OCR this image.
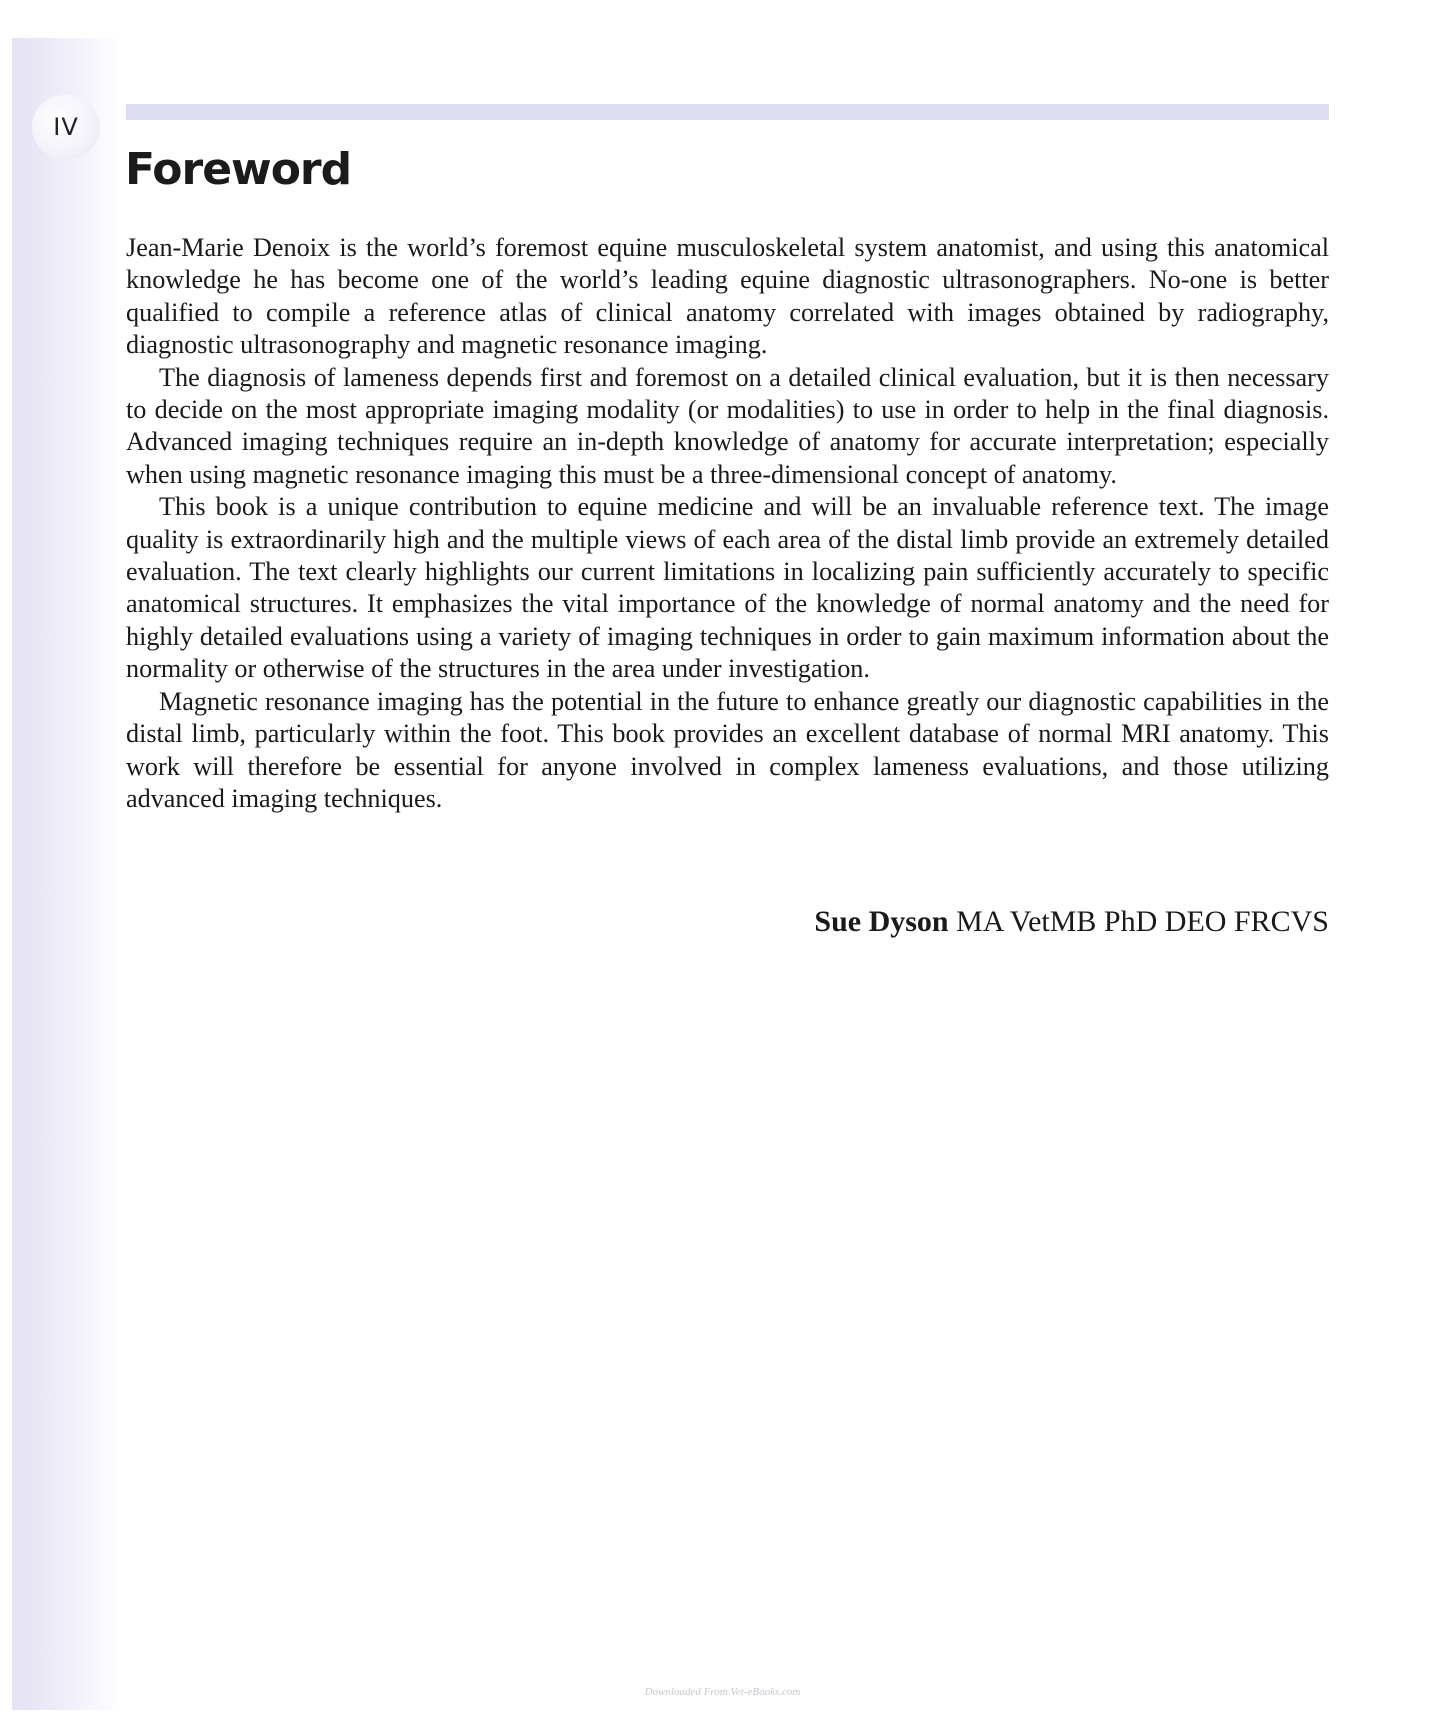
IV
Foreword

Jean-Marie Denoix is the world’s foremost equine musculoskeletal system anatomist, and using this anatomical knowledge he has become one of the world’s leading equine diagnostic ultrasonographers. No-one is better qualified to compile a reference atlas of clinical anatomy correlated with images obtained by radiography, diagnostic ultrasonography and magnetic resonance imaging.

The diagnosis of lameness depends first and foremost on a detailed clinical evaluation, but it is then necessary to decide on the most appropriate imaging modality (or modalities) to use in order to help in the final diagnosis. Advanced imaging techniques require an in-depth knowledge of anatomy for accurate interpretation; especially when using magnetic resonance imaging this must be a three-dimensional concept of anatomy.

This book is a unique contribution to equine medicine and will be an invaluable reference text. The image quality is extraordinarily high and the multiple views of each area of the distal limb provide an extremely detailed evaluation. The text clearly highlights our current limitations in localizing pain sufficiently accurately to specific anatomical structures. It emphasizes the vital importance of the knowledge of normal anatomy and the need for highly detailed evaluations using a variety of imaging techniques in order to gain maximum information about the normality or otherwise of the structures in the area under investigation.

Magnetic resonance imaging has the potential in the future to enhance greatly our diagnostic capabilities in the distal limb, particularly within the foot. This book provides an excellent database of normal MRI anatomy. This work will therefore be essential for anyone involved in complex lameness evaluations, and those utilizing advanced imaging techniques.

Sue Dyson MA VetMB PhD DEO FRCVS
Downloaded From Vet-eBooks.com
